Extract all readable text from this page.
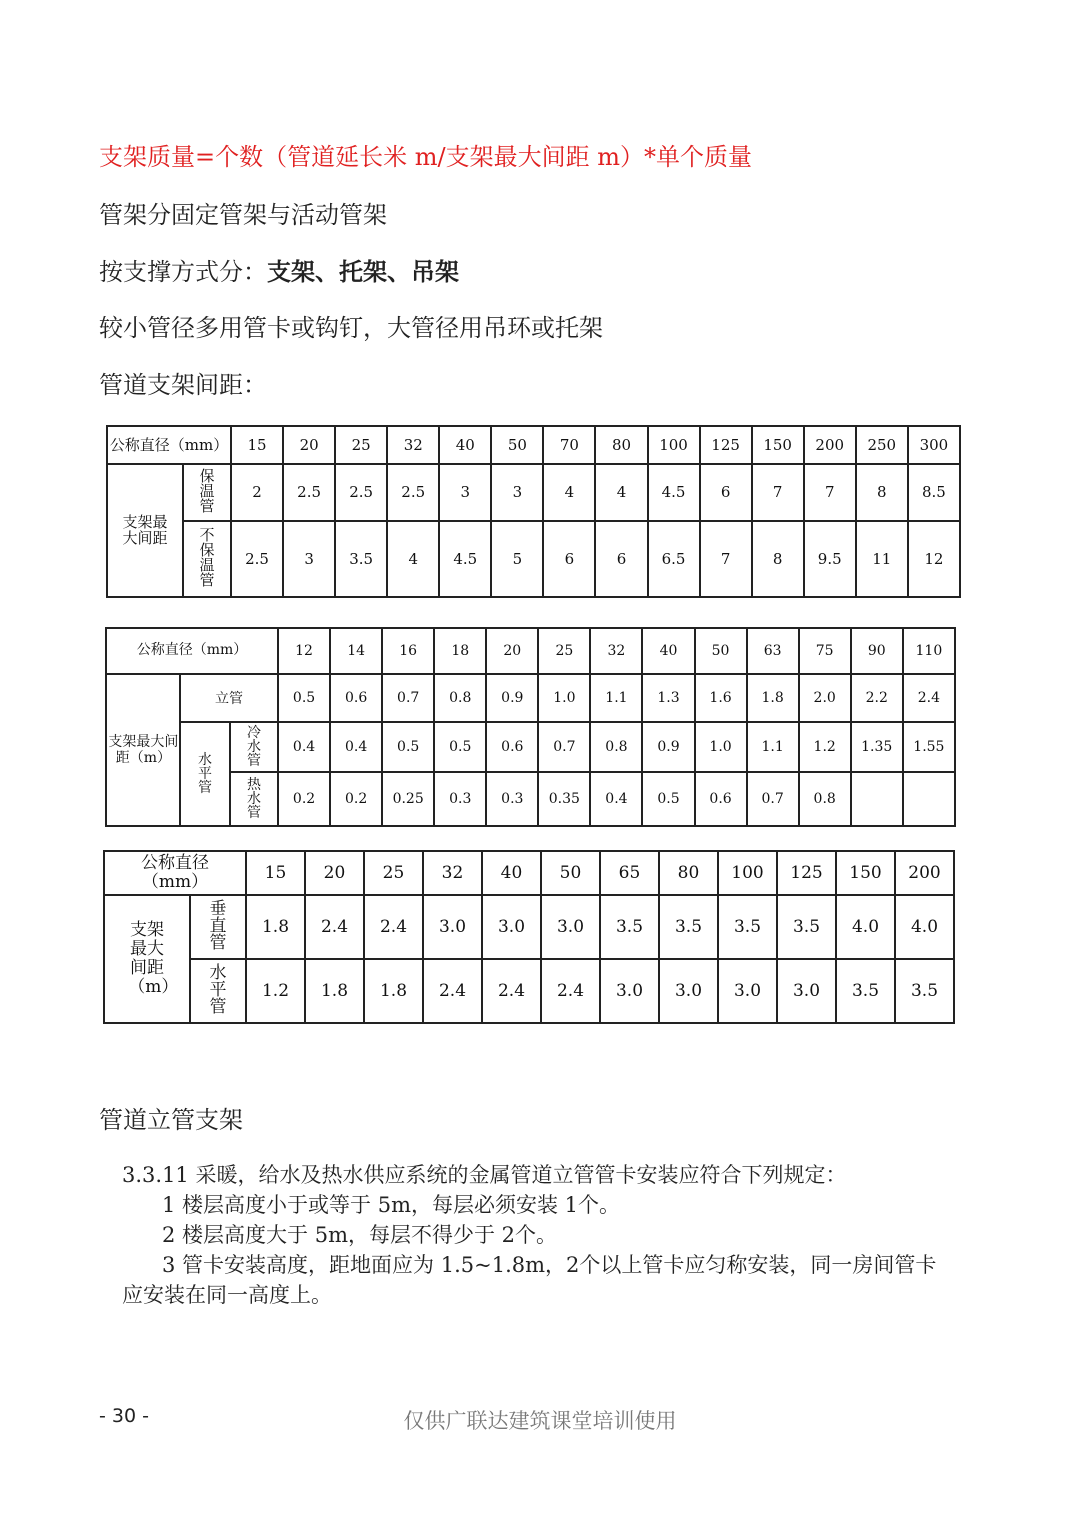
支架质量=个数（管道延长米 m/支架最大间距 m）*单个质量
管架分固定管架与活动管架
按支撑方式分：支架、托架、吊架
较小管径多用管卡或钩钉，大管径用吊环或托架
管道支架间距：
公称直径（mm）		15	20	25	32	40	50	70	80	100	125	150	200	250	300
支架最大间距	保温管	2	2.5	2.5	2.5	3	3	4	4	4.5	6	7	7	8	8.5
	不保温管	2.5	3	3.5	4	4.5	5	6	6	6.5	7	8	9.5	11	12
公称直径（mm）			12	14	16	18	20	25	32	40	50	63	75	90	110
支架最大间距（m）	立管		0.5	0.6	0.7	0.8	0.9	1.0	1.1	1.3	1.6	1.8	2.0	2.2	2.4
	水平管	冷水管	0.4	0.4	0.5	0.5	0.6	0.7	0.8	0.9	1.0	1.1	1.2	1.35	1.55
		热水管	0.2	0.2	0.25	0.3	0.3	0.35	0.4	0.5	0.6	0.7	0.8		
公称直径（mm）		15	20	25	32	40	50	65	80	100	125	150	200
支架最大间距（m）	垂直管	1.8	2.4	2.4	3.0	3.0	3.0	3.5	3.5	3.5	3.5	4.0	4.0
	水平管	1.2	1.8	1.8	2.4	2.4	2.4	3.0	3.0	3.0	3.0	3.5	3.5
管道立管支架
3.3.11 采暖，给水及热水供应系统的金属管道立管管卡安装应符合下列规定：
1 楼层高度小于或等于 5m，每层必须安装 1个。
2 楼层高度大于 5m，每层不得少于 2个。
3 管卡安装高度，距地面应为 1.5~1.8m，2个以上管卡应匀称安装，同一房间管卡
应安装在同一高度上。
- 30 -	仅供广联达建筑课堂培训使用
